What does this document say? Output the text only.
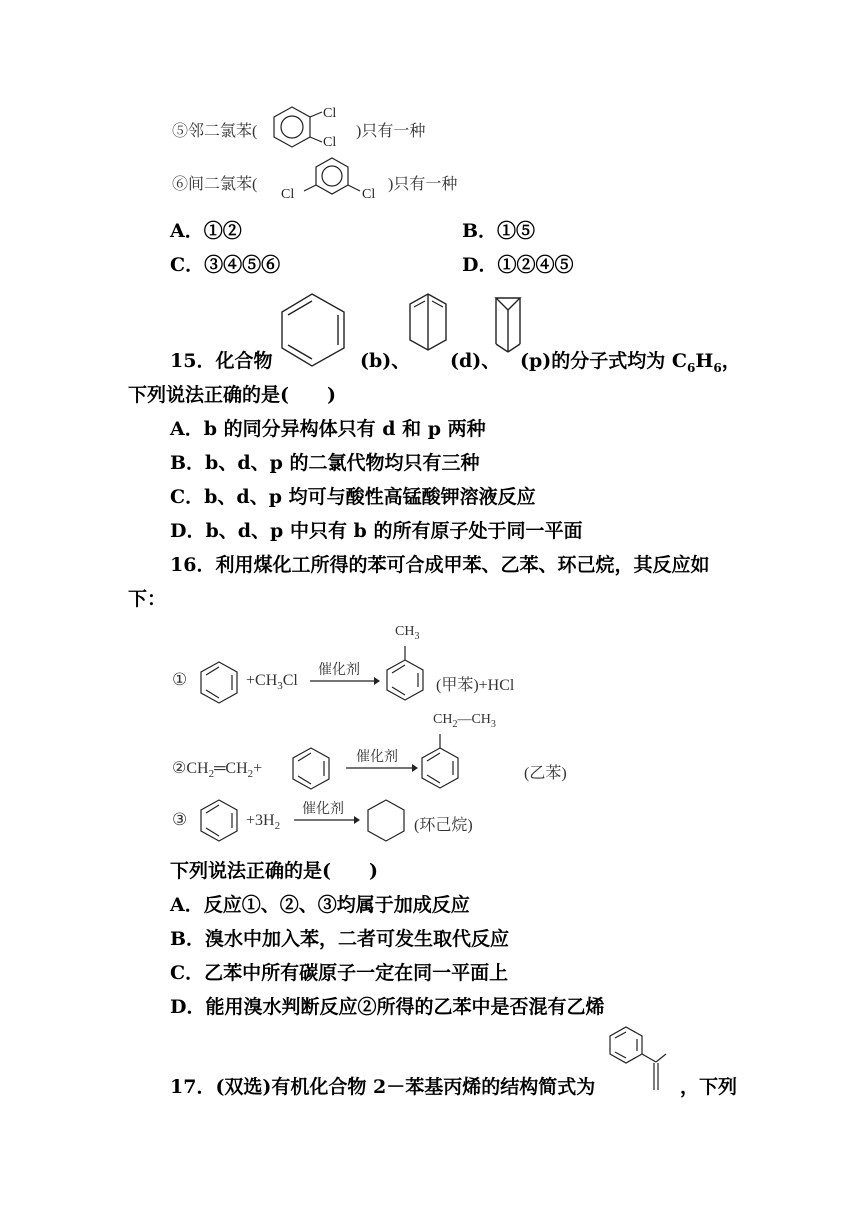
⑤邻二氯苯(
Cl
Cl
)只有一种
⑥间二氯苯(
Cl	Cl
)只有一种
A．①②	B．①⑤
C．③④⑤⑥	D．①②④⑤
15．化合物	(b)、 (d)、 (p)的分子式均为 $C_6H_6$，
下列说法正确的是(　　)
A．b 的同分异构体只有 d 和 p 两种
B．b、d、p 的二氯代物均只有三种
C．b、d、p 均可与酸性高锰酸钾溶液反应
D．b、d、p 中只有 b 的所有原子处于同一平面
16．利用煤化工所得的苯可合成甲苯、乙苯、环己烷，其反应如
下：
①	$+CH_3Cl$
催化剂
$CH_3$
(甲苯)+HCl
$②CH_2═CH_2+$
催化剂
$CH_2—CH_3$
(乙苯)
③	$+3H_2$
催化剂
(环己烷)
下列说法正确的是(　　)
A．反应①、②、③均属于加成反应
B．溴水中加入苯，二者可发生取代反应
C．乙苯中所有碳原子一定在同一平面上
D．能用溴水判断反应②所得的乙苯中是否混有乙烯
17．(双选)有机化合物 2－苯基丙烯的结构简式为	，下列
